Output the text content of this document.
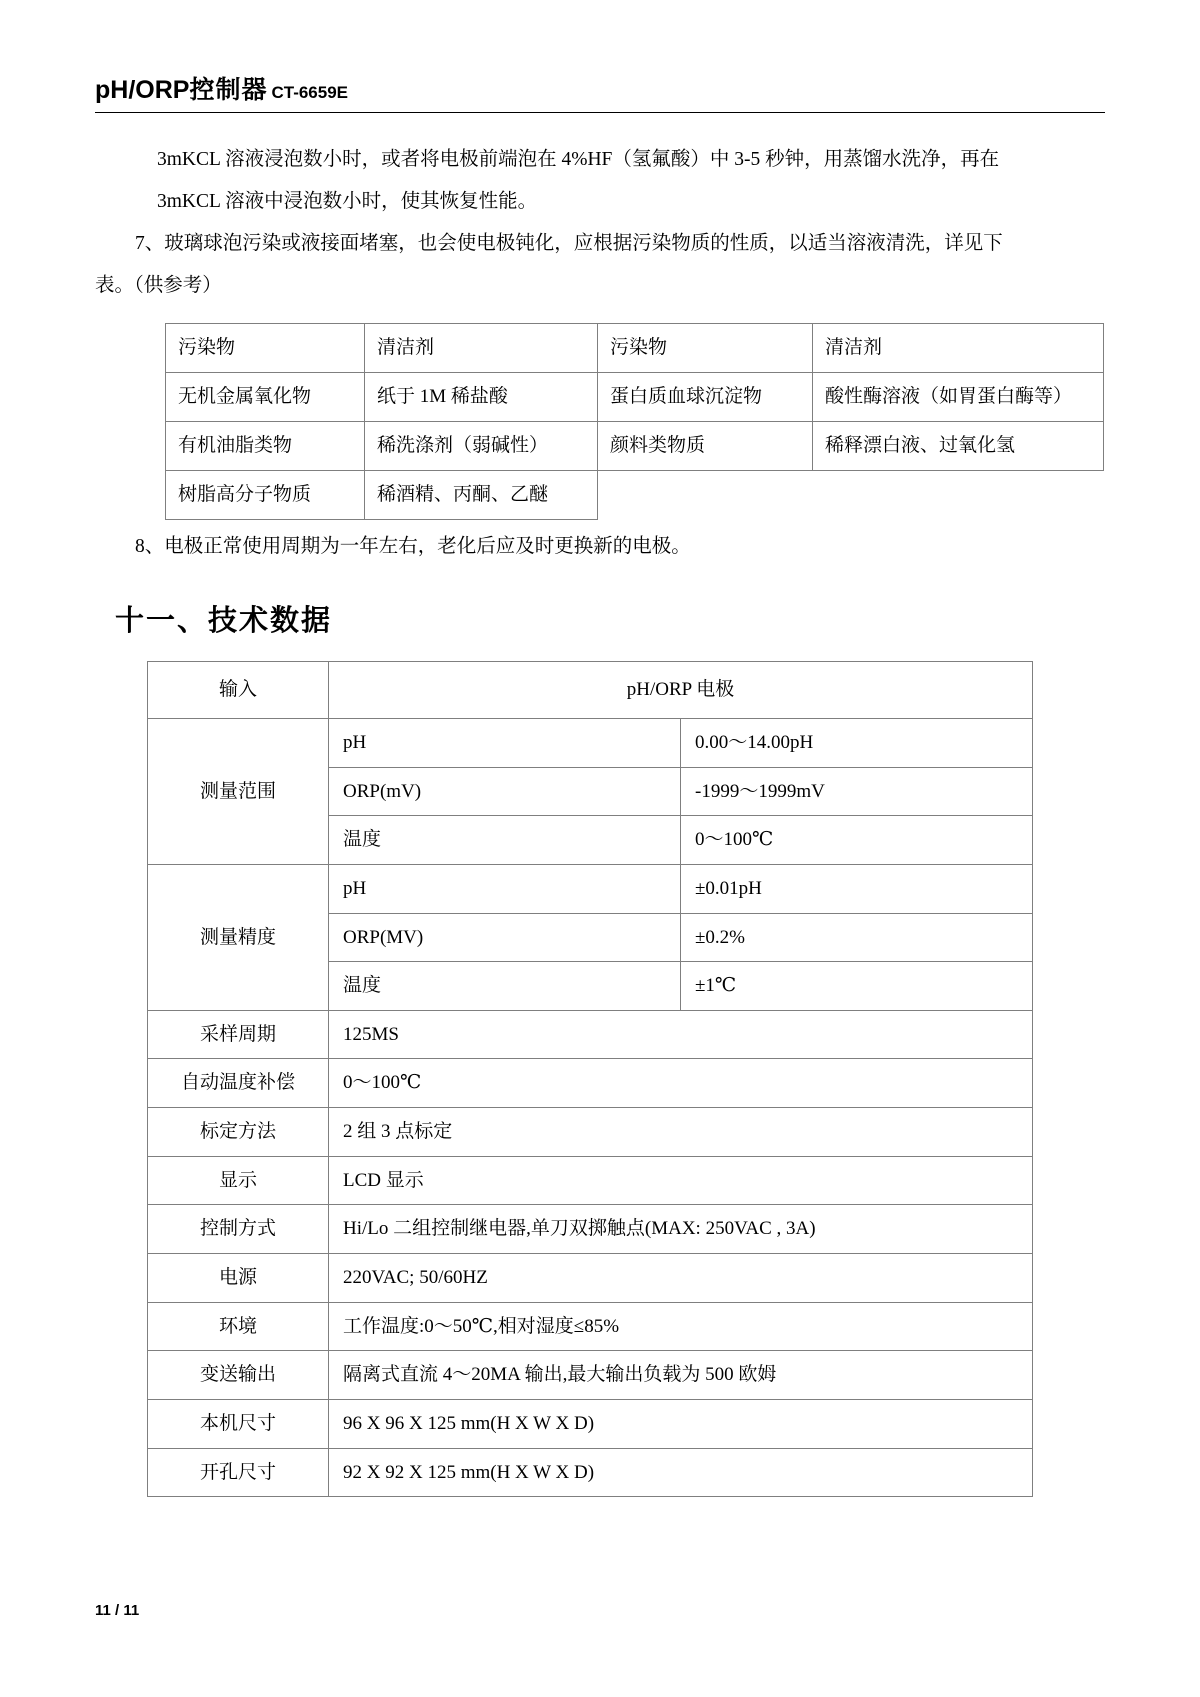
pH/ORP控制器 CT-6659E

3mKCL 溶液浸泡数小时，或者将电极前端泡在 4%HF（氢氟酸）中 3-5 秒钟，用蒸馏水洗净，再在

3mKCL 溶液中浸泡数小时，使其恢复性能。

7、玻璃球泡污染或液接面堵塞，也会使电极钝化，应根据污染物质的性质，以适当溶液清洗，详见下

表。（供参考）

污染物	清洁剂	污染物	清洁剂
无机金属氧化物	纸于 1M 稀盐酸	蛋白质血球沉淀物	酸性酶溶液（如胃蛋白酶等）
有机油脂类物	稀洗涤剂（弱碱性）	颜料类物质	稀释漂白液、过氧化氢
树脂高分子物质	稀酒精、丙酮、乙醚		

8、电极正常使用周期为一年左右，老化后应及时更换新的电极。

十一、技术数据
输入	pH/ORP 电极	
测量范围	pH	0.00～14.00pH
	ORP(mV)	-1999～1999mV
	温度	0～100℃
测量精度	pH	±0.01pH
	ORP(MV)	±0.2%
	温度	±1℃
采样周期	125MS	
自动温度补偿	0～100℃	
标定方法	2 组 3 点标定	
显示	LCD 显示	
控制方式	Hi/Lo 二组控制继电器,单刀双掷触点(MAX: 250VAC , 3A)	
电源	220VAC; 50/60HZ	
环境	工作温度:0～50℃,相对湿度≤85%	
变送输出	隔离式直流 4～20MA 输出,最大输出负载为 500 欧姆	
本机尺寸	96 X 96 X 125 mm(H X W X D)	
开孔尺寸	92 X 92 X 125 mm(H X W X D)	
11 / 11
